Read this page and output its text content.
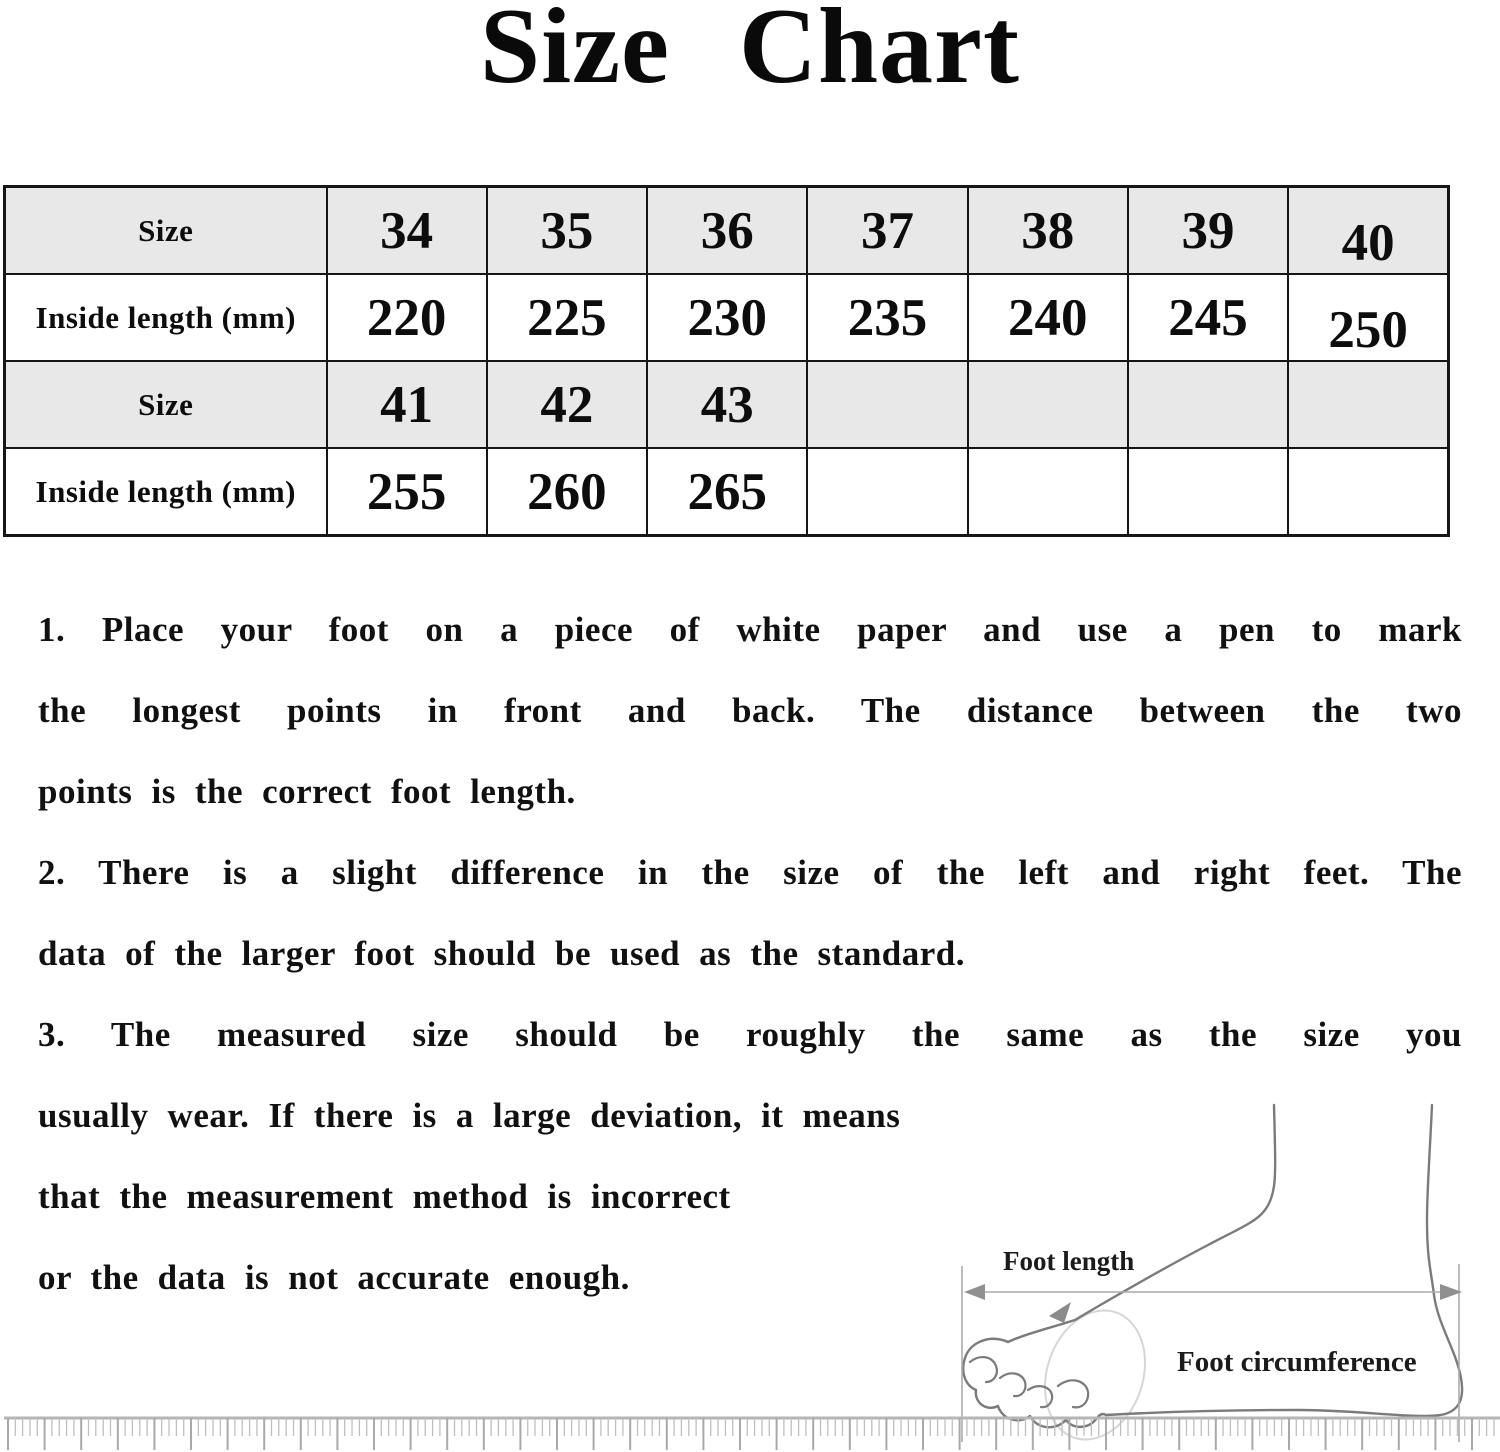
Size Chart
Size	34	35	36	37	38	39	40
Inside length (mm)	220	225	230	235	240	245	250
Size	41	42	43				
Inside length (mm)	255	260	265				
1. Place your foot on a piece of white paper and use a pen to mark
the longest points in front and back. The distance between the two
points is the correct foot length.
2. There is a slight difference in the size of the left and right feet. The
data of the larger foot should be used as the standard.
3. The measured size should be roughly the same as the size you
usually wear. If there is a large deviation, it means
that the measurement method is incorrect
or the data is not accurate enough.	Foot length
Foot circumference
